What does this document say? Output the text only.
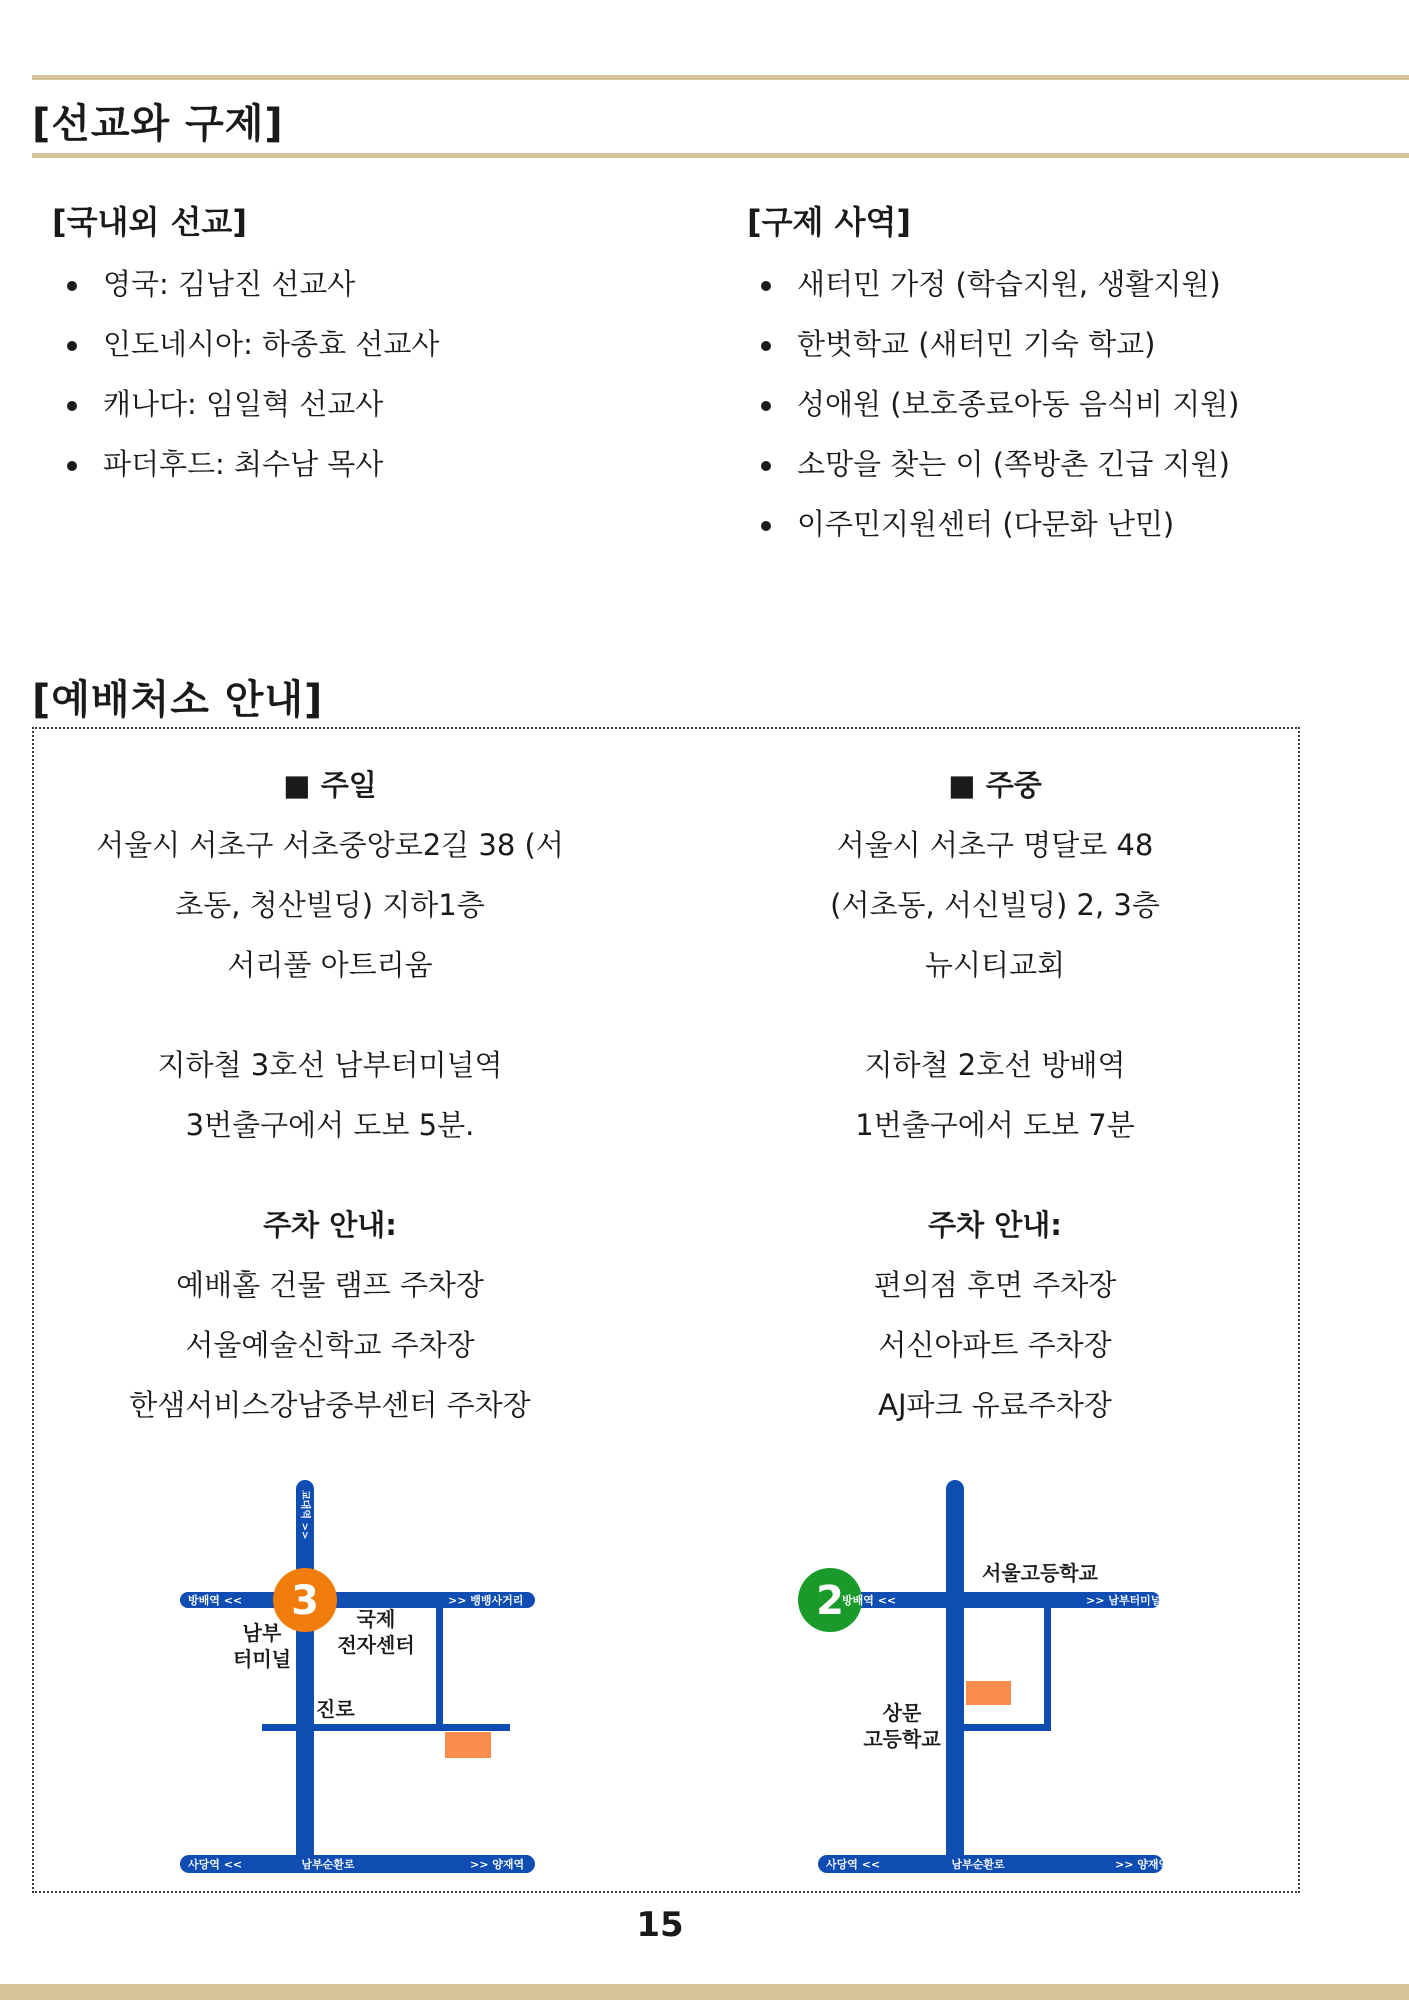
[선교와 구제]
[국내외 선교]
영국: 김남진 선교사
인도네시아: 하종효 선교사
캐나다: 임일혁 선교사
파더후드: 최수남 목사
[구제 사역]
새터민 가정 (학습지원, 생활지원)
한벗학교 (새터민 기숙 학교)
성애원 (보호종료아동 음식비 지원)
소망을 찾는 이 (쪽방촌 긴급 지원)
이주민지원센터 (다문화 난민)
[예배처소 안내]
■ 주일
서울시 서초구 서초중앙로2길 38 (서
초동, 청산빌딩) 지하1층
서리풀 아트리움
지하철 3호선 남부터미널역
3번출구에서 도보 5분.
주차 안내:
예배홀 건물 램프 주차장
서울예술신학교 주차장
한샘서비스강남중부센터 주차장
■ 주중
서울시 서초구 명달로 48
(서초동, 서신빌딩) 2, 3층
뉴시티교회
지하철 2호선 방배역
1번출구에서 도보 7분
주차 안내:
편의점 후면 주차장
서신아파트 주차장
AJ파크 유료주차장
3
방배역 <<	>> 뱅뱅사거리
교대역 >>
남부
터미널
국제
전자센터
진로
사당역 <<	남부순환로	>> 양재역
2
방배역 <<	>> 남부터미널역
서울고등학교
상문
고등학교
사당역 <<	남부순환로	>> 양재역
15
